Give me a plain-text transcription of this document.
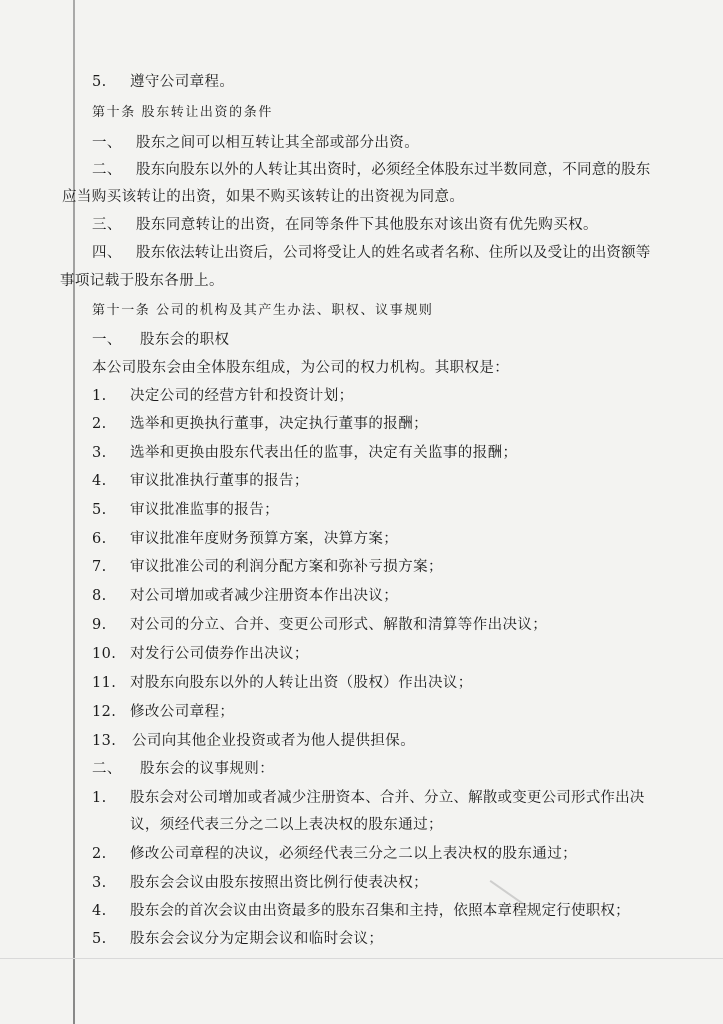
5. 遵守公司章程。
第十条 股东转让出资的条件
一、 股东之间可以相互转让其全部或部分出资。
二、 股东向股东以外的人转让其出资时，必须经全体股东过半数同意，不同意的股东
应当购买该转让的出资，如果不购买该转让的出资视为同意。
三、 股东同意转让的出资，在同等条件下其他股东对该出资有优先购买权。
四、 股东依法转让出资后，公司将受让人的姓名或者名称、住所以及受让的出资额等
事项记载于股东各册上。
第十一条 公司的机构及其产生办法、职权、议事规则
一、 股东会的职权
本公司股东会由全体股东组成，为公司的权力机构。其职权是：
1. 决定公司的经营方针和投资计划；
2. 选举和更换执行董事，决定执行董事的报酬；
3. 选举和更换由股东代表出任的监事，决定有关监事的报酬；
4. 审议批准执行董事的报告；
5. 审议批准监事的报告；
6. 审议批准年度财务预算方案，决算方案；
7. 审议批准公司的利润分配方案和弥补亏损方案；
8. 对公司增加或者减少注册资本作出决议；
9. 对公司的分立、合并、变更公司形式、解散和清算等作出决议；
10. 对发行公司债券作出决议；
11. 对股东向股东以外的人转让出资（股权）作出决议；
12. 修改公司章程；
13. 公司向其他企业投资或者为他人提供担保。
二、 股东会的议事规则：
1. 股东会对公司增加或者减少注册资本、合并、分立、解散或变更公司形式作出决
议，须经代表三分之二以上表决权的股东通过；
2. 修改公司章程的决议，必须经代表三分之二以上表决权的股东通过；
3. 股东会会议由股东按照出资比例行使表决权；
4. 股东会的首次会议由出资最多的股东召集和主持，依照本章程规定行使职权；
5. 股东会会议分为定期会议和临时会议；
